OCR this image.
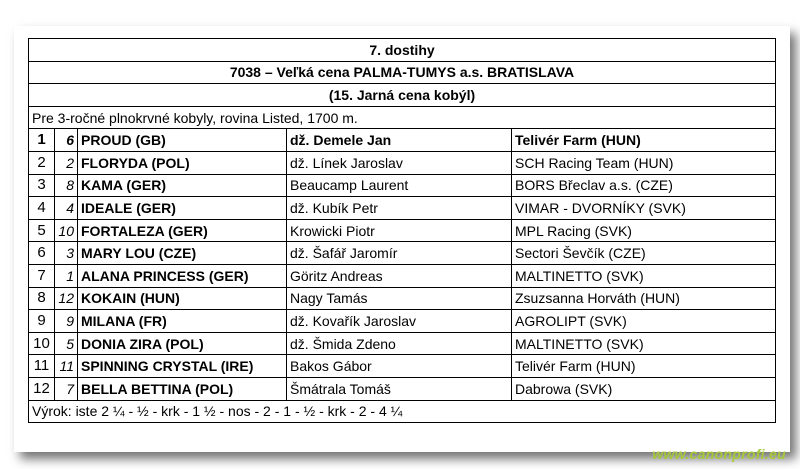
7. dostihy				
7038 – Veľká cena PALMA-TUMYS a.s. BRATISLAVA				
(15. Jarná cena kobýl)				
Pre 3-ročné plnokrvné kobyly, rovina Listed, 1700 m.				
1	6	PROUD (GB)	dž. Demele Jan	Telivér Farm (HUN)
2	2	FLORYDA (POL)	dž. Línek Jaroslav	SCH Racing Team (HUN)
3	8	KAMA (GER)	Beaucamp Laurent	BORS Břeclav a.s. (CZE)
4	4	IDEALE (GER)	dž. Kubík Petr	VIMAR - DVORNÍKY (SVK)
5	10	FORTALEZA (GER)	Krowicki Piotr	MPL Racing (SVK)
6	3	MARY LOU (CZE)	dž. Šafář Jaromír	Sectori Ševčík (CZE)
7	1	ALANA PRINCESS (GER)	Göritz Andreas	MALTINETTO (SVK)
8	12	KOKAIN (HUN)	Nagy Tamás	Zsuzsanna Horváth (HUN)
9	9	MILANA (FR)	dž. Kovařík Jaroslav	AGROLIPT (SVK)
10	5	DONIA ZIRA (POL)	dž. Šmida Zdeno	MALTINETTO (SVK)
11	11	SPINNING CRYSTAL (IRE)	Bakos Gábor	Telivér Farm (HUN)
12	7	BELLA BETTINA (POL)	Šmátrala Tomáš	Dabrowa (SVK)
Výrok: iste 2 ¼ - ½ - krk - 1 ½ - nos - 2 - 1 - ½ - krk - 2 - 4 ¼				
www.canonprofi.eu
